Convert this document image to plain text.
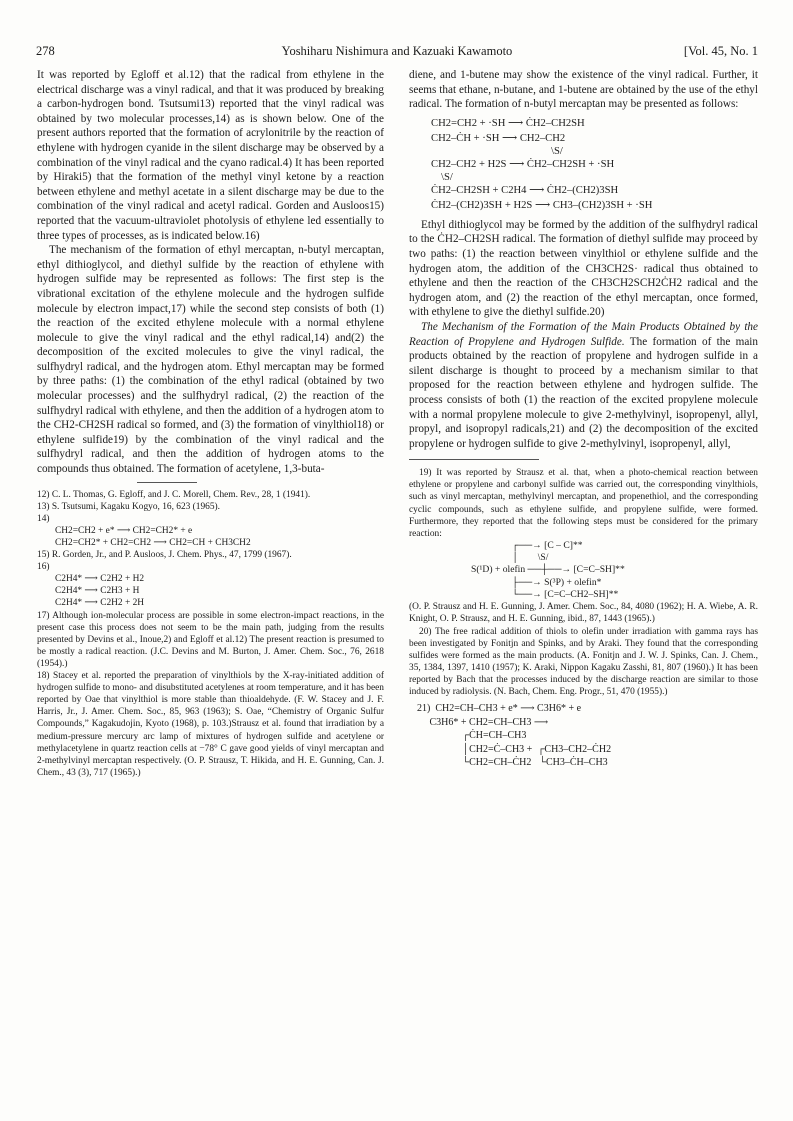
278	Yoshiharu Nishimura and Kazuaki Kawamoto	[Vol. 45, No. 1

It was reported by Egloff et al.12) that the radical from ethylene in the electrical discharge was a vinyl radical, and that it was produced by breaking a carbon-hydrogen bond. Tsutsumi13) reported that the vinyl radical was obtained by two molecular processes,14) as is shown below. One of the present authors reported that the formation of acrylonitrile by the reaction of ethylene with hydrogen cyanide in the silent discharge may be observed by a combination of the vinyl radical and the cyano radical.4) It has been reported by Hiraki5) that the formation of the methyl vinyl ketone by a reaction between ethylene and methyl acetate in a silent discharge may be due to the combination of the vinyl radical and acetyl radical. Gorden and Ausloos15) reported that the vacuum-ultraviolet photolysis of ethylene led essentially to three types of processes, as is indicated below.16)

The mechanism of the formation of ethyl mercaptan, n-butyl mercaptan, ethyl dithioglycol, and diethyl sulfide by the reaction of ethylene with hydrogen sulfide may be represented as follows: The first step is the vibrational excitation of the ethylene molecule and the hydrogen sulfide molecule by electron impact,17) while the second step consists of both (1) the reaction of the excited ethylene molecule with a normal ethylene molecule to give the vinyl radical and the ethyl radical,14) and(2) the decomposition of the excited molecules to give the vinyl radical, the sulfhydryl radical, and the hydrogen atom. Ethyl mercaptan may be formed by three paths: (1) the combination of the ethyl radical (obtained by two molecular processes) and the sulfhydryl radical, (2) the reaction of the sulfhydryl radical with ethylene, and then the addition of a hydrogen atom to the CH2-CH2SH radical so formed, and (3) the formation of vinylthiol18) or ethylene sulfide19) by the combination of the vinyl radical and the sulfhydryl radical, and then the addition of hydrogen atoms to the compounds thus obtained. The formation of acetylene, 1,3-buta-

12) C. L. Thomas, G. Egloff, and J. C. Morell, Chem. Rev., 28, 1 (1941).

13) S. Tsutsumi, Kagaku Kogyo, 16, 623 (1965).

14)
CH2=CH2 + e* ⟶ CH2=CH2* + e
CH2=CH2* + CH2=CH2 ⟶ CH2=CH + CH3CH2

15) R. Gorden, Jr., and P. Ausloos, J. Chem. Phys., 47, 1799 (1967).

16)
C2H4* ⟶ C2H2 + H2
C2H4* ⟶ C2H3 + H
C2H4* ⟶ C2H2 + 2H

17) Although ion-molecular process are possible in some electron-impact reactions, in the present case this process does not seem to be the main path, judging from the results presented by Devins et al., Inoue,2) and Egloff et al.12) The present reaction is presumed to be mostly a radical reaction. (J.C. Devins and M. Burton, J. Amer. Chem. Soc., 76, 2618 (1954).)

18) Stacey et al. reported the preparation of vinylthiols by the X-ray-initiated addition of hydrogen sulfide to mono- and disubstituted acetylenes at room temperature, and it has been reported by Oae that vinylthiol is more stable than thioaldehyde. (F. W. Stacey and J. F. Harris, Jr., J. Amer. Chem. Soc., 85, 963 (1963); S. Oae, “Chemistry of Organic Sulfur Compounds,” Kagakudojin, Kyoto (1968), p. 103.)Strausz et al. found that irradiation by a medium-pressure mercury arc lamp of mixtures of hydrogen sulfide and acetylene or methylacetylene in quartz reaction cells at −78° C gave good yields of vinyl mercaptan and 2-methylvinyl mercaptan respectively. (O. P. Strausz, T. Hikida, and H. E. Gunning, Can. J. Chem., 43 (3), 717 (1965).)

diene, and 1-butene may show the existence of the vinyl radical. Further, it seems that ethane, n-butane, and 1-butene are obtained by the use of the ethyl radical. The formation of n-butyl mercaptan may be presented as follows:

CH2=CH2 + ·SH ⟶ ĊH2–CH2SH
CH2–ĊH + ·SH ⟶ CH2–CH2
\S/
CH2–CH2 + H2S ⟶ ĊH2–CH2SH + ·SH
\S/
ĊH2–CH2SH + C2H4 ⟶ ĊH2–(CH2)3SH
ĊH2–(CH2)3SH + H2S ⟶ CH3–(CH2)3SH + ·SH

Ethyl dithioglycol may be formed by the addition of the sulfhydryl radical to the ĊH2–CH2SH radical. The formation of diethyl sulfide may proceed by two paths: (1) the reaction between vinylthiol or ethylene sulfide and the hydrogen atom, the addition of the CH3CH2S· radical thus obtained to ethylene and then the reaction of the CH3CH2SCH2ĊH2 radical and the hydrogen atom, and (2) the reaction of the ethyl mercaptan, once formed, with ethylene to give the diethyl sulfide.20)

The Mechanism of the Formation of the Main Products Obtained by the Reaction of Propylene and Hydrogen Sulfide. The formation of the main products obtained by the reaction of propylene and hydrogen sulfide in a silent discharge is thought to proceed by a mechanism similar to that proposed for the reaction between ethylene and hydrogen sulfide. The process consists of both (1) the reaction of the excited propylene molecule with a normal propylene molecule to give 2-methylvinyl, isopropenyl, allyl, propyl, and isopropyl radicals,21) and (2) the decomposition of the excited propylene or hydrogen sulfide to give 2-methylvinyl, isopropenyl, allyl,

19) It was reported by Strausz et al. that, when a photo-chemical reaction between ethylene or propylene and carbonyl sulfide was carried out, the corresponding vinylthiols, such as vinyl mercaptan, methylvinyl mercaptan, and propenethiol, and the corresponding cyclic compounds, such as ethylene sulfide, and propylene sulfide, were formed. Furthermore, they reported that the following steps must be considered for the primary reaction:

┌──→ [C – C]**
│        \S/
S(¹D) + olefin ──┼──→ [C=C–SH]**
├──→ S(³P) + olefin*
└──→ [C=C–CH2–SH]**

(O. P. Strausz and H. E. Gunning, J. Amer. Chem. Soc., 84, 4080 (1962); H. A. Wiebe, A. R. Knight, O. P. Strausz, and H. E. Gunning, ibid., 87, 1443 (1965).)

20) The free radical addition of thiols to olefin under irradiation with gamma rays has been investigated by Fonitjn and Spinks, and by Araki. They found that the corresponding sulfides were formed as the main products. (A. Fonitjn and J. W. J. Spinks, Can. J. Chem., 35, 1384, 1397, 1410 (1957); K. Araki, Nippon Kagaku Zasshi, 81, 807 (1960).) It has been reported by Bach that the processes induced by the discharge reaction are similar to those induced by radiolysis. (N. Bach, Chem. Eng. Progr., 51, 470 (1955).)

21)  CH2=CH–CH3 + e* ⟶ C3H6* + e
C3H6* + CH2=CH–CH3 ⟶
┌ĊH=CH–CH3
│CH2=Ċ–CH3 +  ┌CH3–CH2–ĊH2
└CH2=CH–ĊH2   └CH3–ĊH–CH3
